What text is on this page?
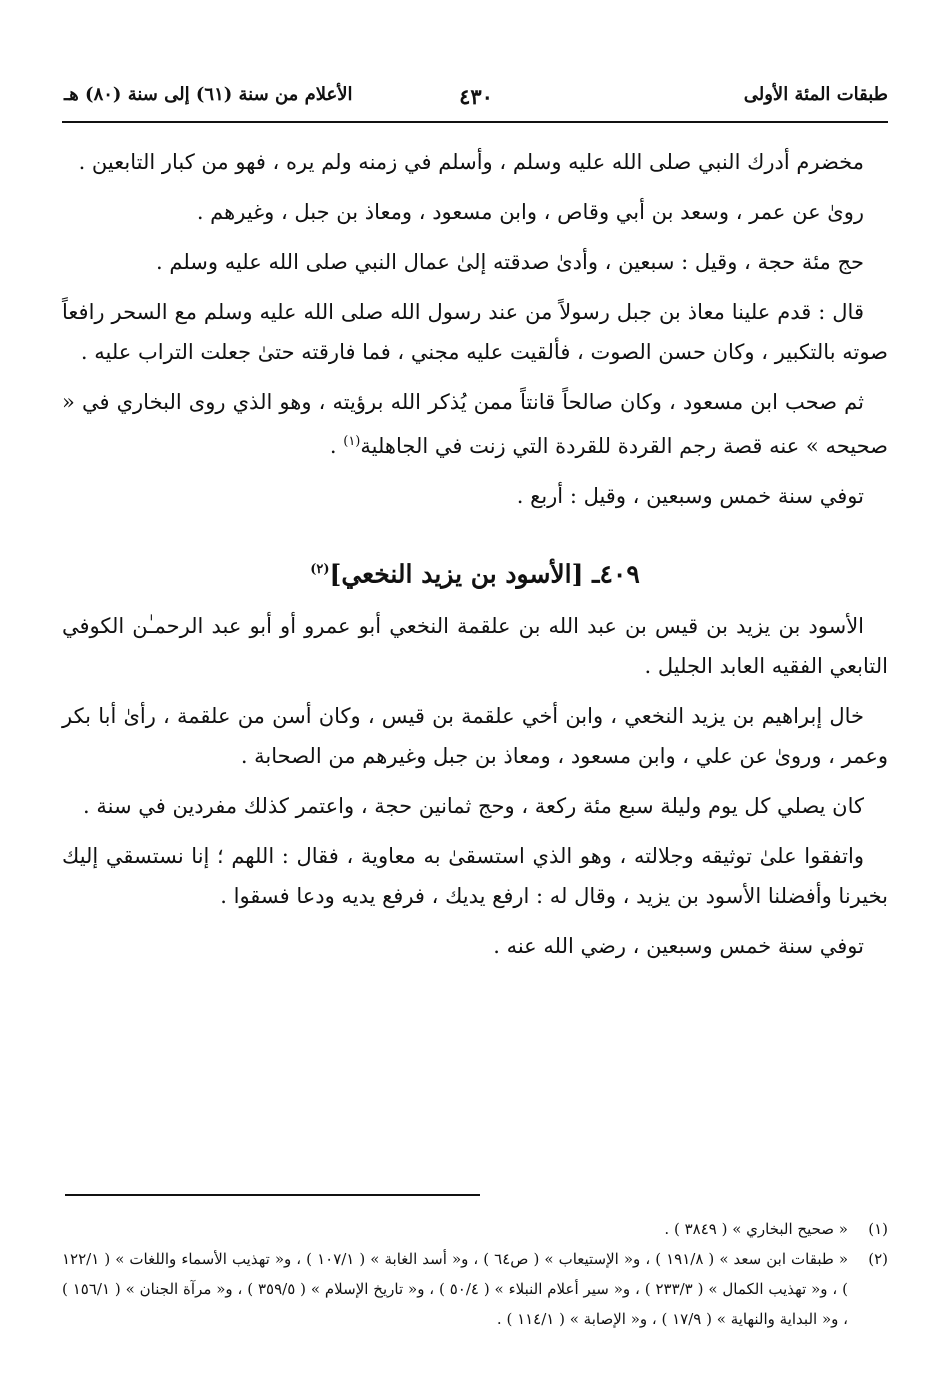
طبقات المئة الأولى
٤٣٠
الأعلام من سنة (٦١) إلى سنة (٨٠) هـ

مخضرم أدرك النبي صلى الله عليه وسلم ، وأسلم في زمنه ولم يره ، فهو من كبار التابعين .

روىٰ عن عمر ، وسعد بن أبي وقاص ، وابن مسعود ، ومعاذ بن جبل ، وغيرهم .

حج مئة حجة ، وقيل : سبعين ، وأدىٰ صدقته إلىٰ عمال النبي صلى الله عليه وسلم .

قال : قدم علينا معاذ بن جبل رسولاً من عند رسول الله صلى الله عليه وسلم مع السحر رافعاً صوته بالتكبير ، وكان حسن الصوت ، فألقيت عليه مجني ، فما فارقته حتىٰ جعلت التراب عليه .

ثم صحب ابن مسعود ، وكان صالحاً قانتاً ممن يُذكر الله برؤيته ، وهو الذي روى البخاري في « صحيحه » عنه قصة رجم القردة للقردة التي زنت في الجاهلية$^{(١)}$ .

توفي سنة خمس وسبعين ، وقيل : أربع .

٤٠٩ـ [الأسود بن يزيد النخعي]$^{(٢)}$

الأسود بن يزيد بن قيس بن عبد الله بن علقمة النخعي أبو عمرو أو أبو عبد الرحمـٰن الكوفي التابعي الفقيه العابد الجليل .

خال إبراهيم بن يزيد النخعي ، وابن أخي علقمة بن قيس ، وكان أسن من علقمة ، رأىٰ أبا بكر وعمر ، وروىٰ عن علي ، وابن مسعود ، ومعاذ بن جبل وغيرهم من الصحابة .

كان يصلي كل يوم وليلة سبع مئة ركعة ، وحج ثمانين حجة ، واعتمر كذلك مفردين في سنة .

واتفقوا علىٰ توثيقه وجلالته ، وهو الذي استسقىٰ به معاوية ، فقال : اللهم ؛ إنا نستسقي إليك بخيرنا وأفضلنا الأسود بن يزيد ، وقال له : ارفع يديك ، فرفع يديه ودعا فسقوا .

توفي سنة خمس وسبعين ، رضي الله عنه .

(١)
« صحيح البخاري » ( ٣٨٤٩ ) .
(٢)
« طبقات ابن سعد » ( ١٩١/٨ ) ، و« الإستيعاب » ( ص٦٤ ) ، و« أسد الغابة » ( ١٠٧/١ ) ، و« تهذيب الأسماء واللغات » ( ١٢٢/١ ) ، و« تهذيب الكمال » ( ٢٣٣/٣ ) ، و« سير أعلام النبلاء » ( ٥٠/٤ ) ، و« تاريخ الإسلام » ( ٣٥٩/٥ ) ، و« مرآة الجنان » ( ١٥٦/١ ) ، و« البداية والنهاية » ( ١٧/٩ ) ، و« الإصابة » ( ١١٤/١ ) .
